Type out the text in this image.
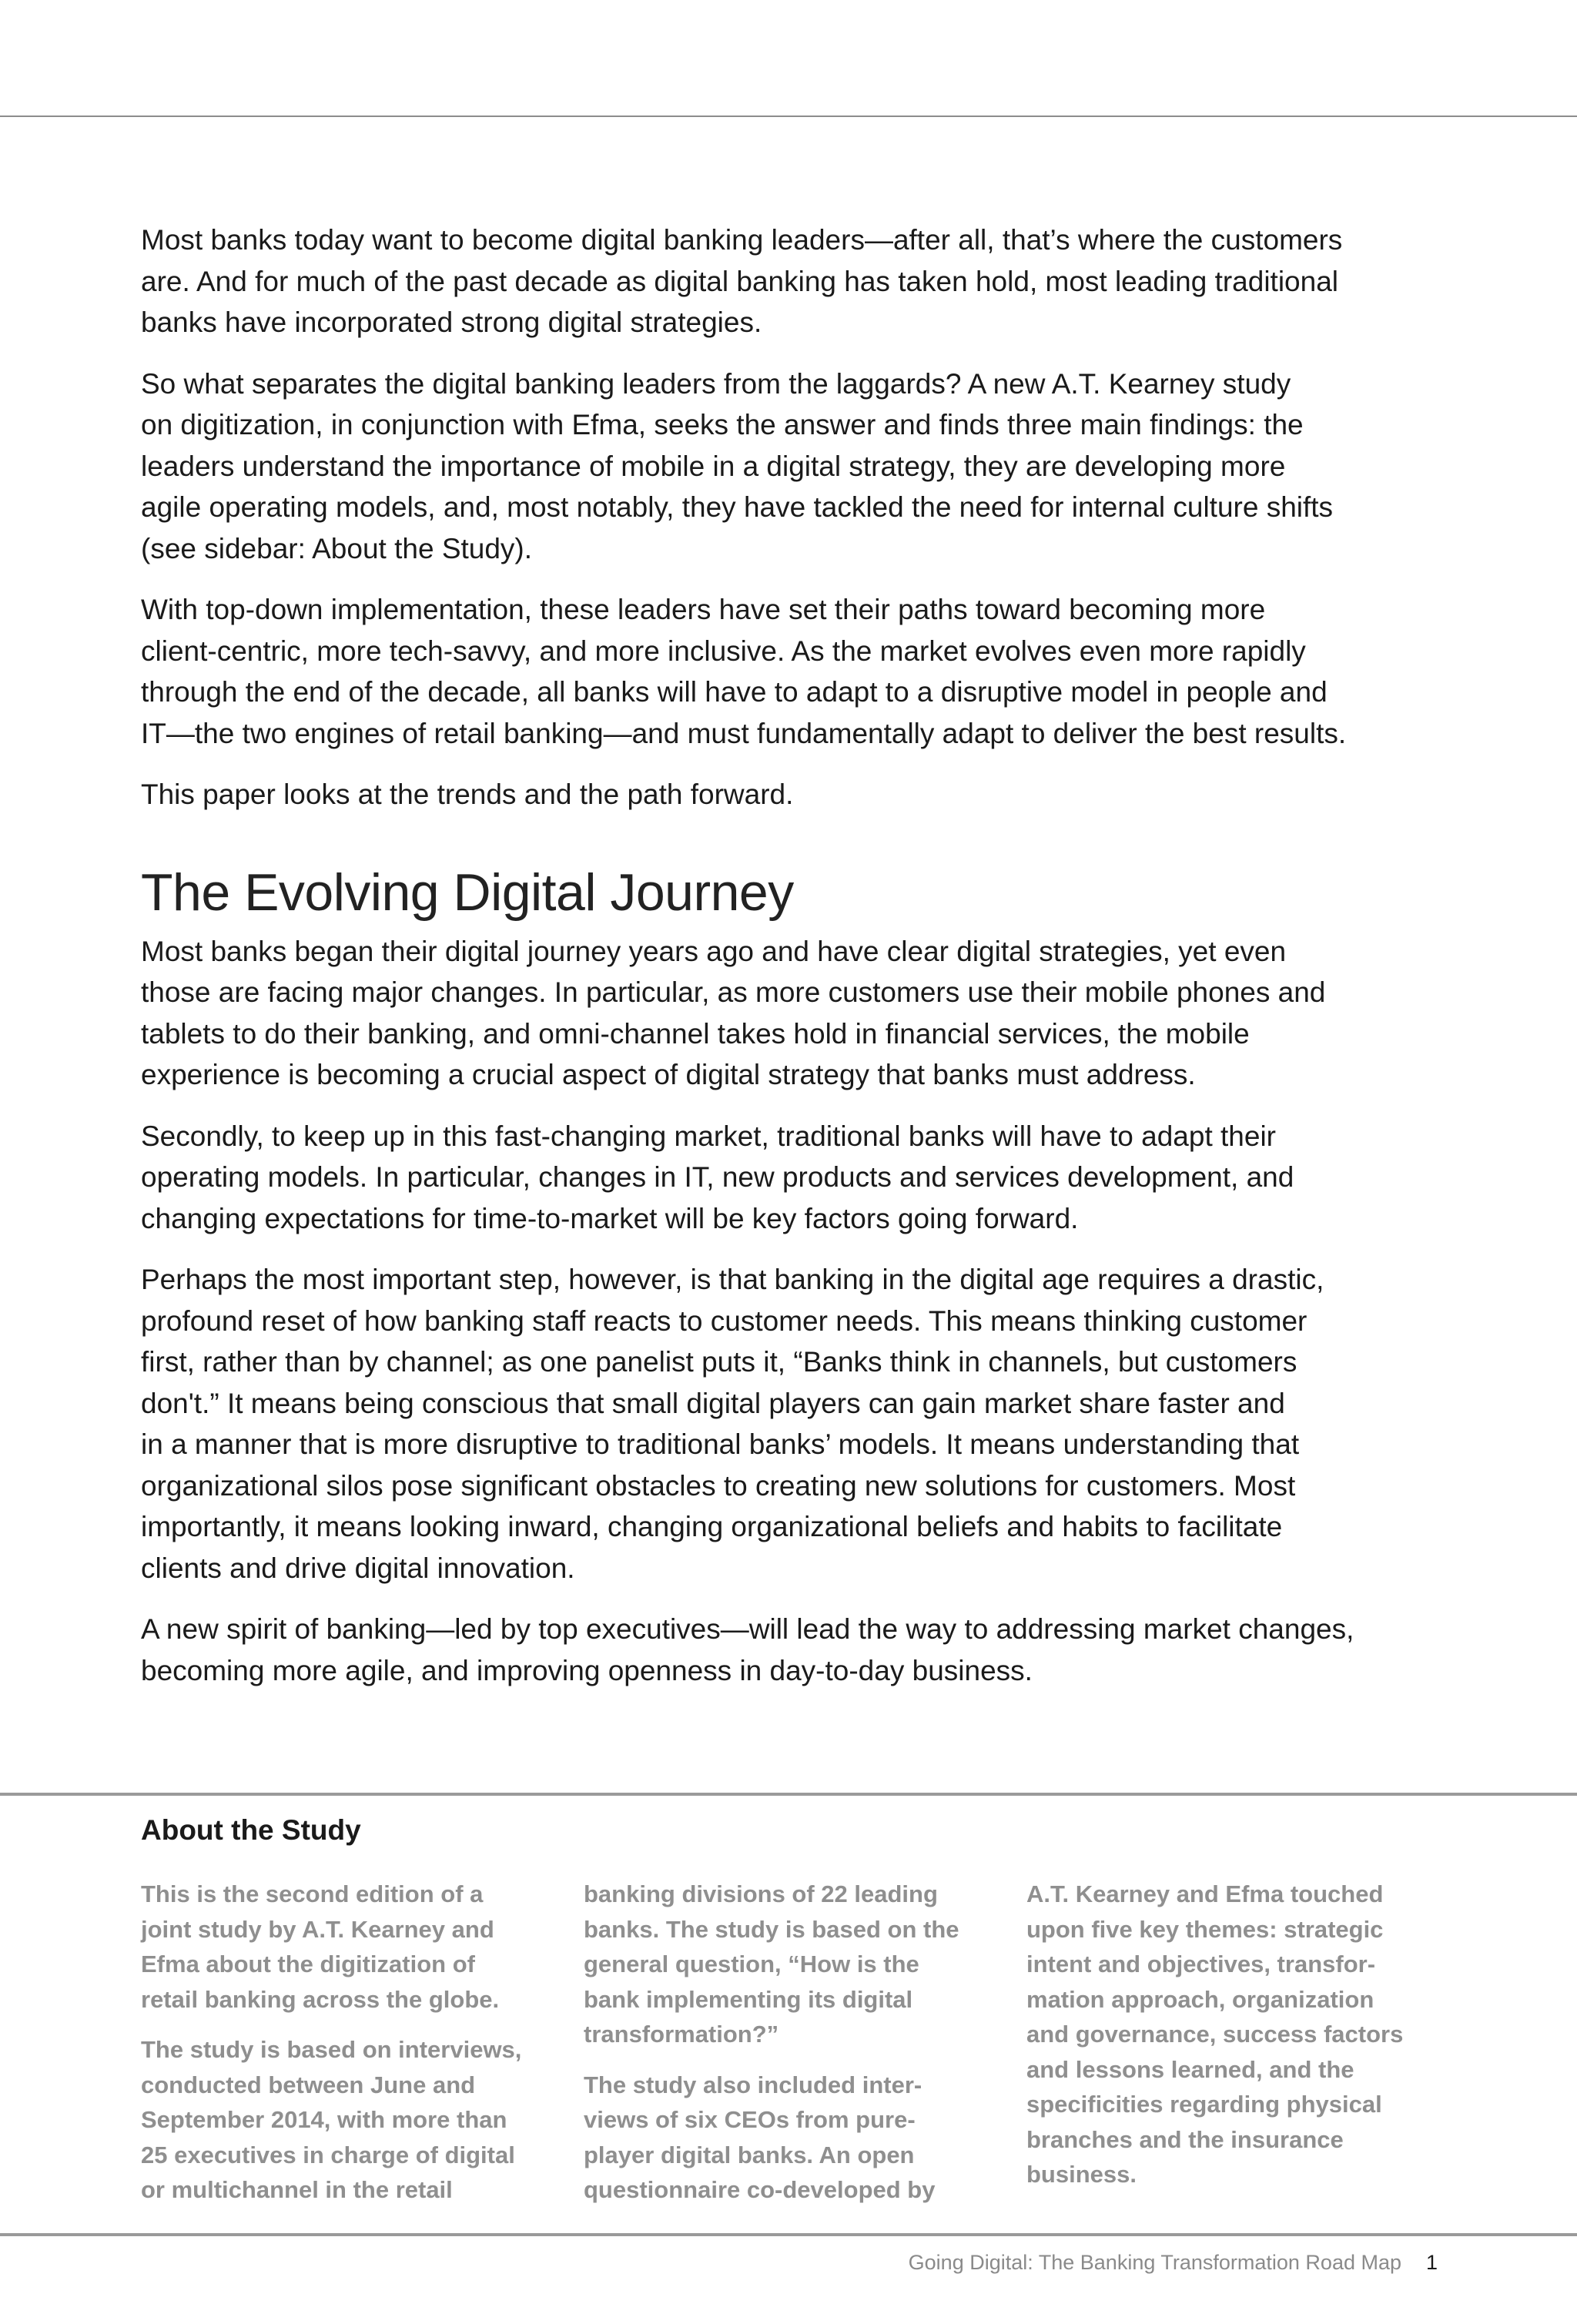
Most banks today want to become digital banking leaders—after all, that’s where the customers
are. And for much of the past decade as digital banking has taken hold, most leading traditional
banks have incorporated strong digital strategies.

So what separates the digital banking leaders from the laggards? A new A.T. Kearney study
on digitization, in conjunction with Efma, seeks the answer and finds three main findings: the
leaders understand the importance of mobile in a digital strategy, they are developing more
agile operating models, and, most notably, they have tackled the need for internal culture shifts
(see sidebar: About the Study).

With top-down implementation, these leaders have set their paths toward becoming more
client-centric, more tech-savvy, and more inclusive. As the market evolves even more rapidly
through the end of the decade, all banks will have to adapt to a disruptive model in people and
IT—the two engines of retail banking—and must fundamentally adapt to deliver the best results.

This paper looks at the trends and the path forward.

The Evolving Digital Journey

Most banks began their digital journey years ago and have clear digital strategies, yet even
those are facing major changes. In particular, as more customers use their mobile phones and
tablets to do their banking, and omni-channel takes hold in financial services, the mobile
experience is becoming a crucial aspect of digital strategy that banks must address.

Secondly, to keep up in this fast-changing market, traditional banks will have to adapt their
operating models. In particular, changes in IT, new products and services development, and
changing expectations for time-to-market will be key factors going forward.

Perhaps the most important step, however, is that banking in the digital age requires a drastic,
profound reset of how banking staff reacts to customer needs. This means thinking customer
first, rather than by channel; as one panelist puts it, “Banks think in channels, but customers
don't.” It means being conscious that small digital players can gain market share faster and
in a manner that is more disruptive to traditional banks’ models. It means understanding that
organizational silos pose significant obstacles to creating new solutions for customers. Most
importantly, it means looking inward, changing organizational beliefs and habits to facilitate
clients and drive digital innovation.

A new spirit of banking—led by top executives—will lead the way to addressing market changes,
becoming more agile, and improving openness in day-to-day business.

About the Study

This is the second edition of a
joint study by A.T. Kearney and
Efma about the digitization of
retail banking across the globe.

The study is based on interviews,
conducted between June and
September 2014, with more than
25 executives in charge of digital
or multichannel in the retail

banking divisions of 22 leading
banks. The study is based on the
general question, “How is the
bank implementing its digital
transformation?”

The study also included inter-
views of six CEOs from pure-
player digital banks. An open
questionnaire co-developed by

A.T. Kearney and Efma touched
upon five key themes: strategic
intent and objectives, transfor-
mation approach, organization
and governance, success factors
and lessons learned, and the
specificities regarding physical
branches and the insurance
business.

Going Digital: The Banking Transformation Road Map 1
